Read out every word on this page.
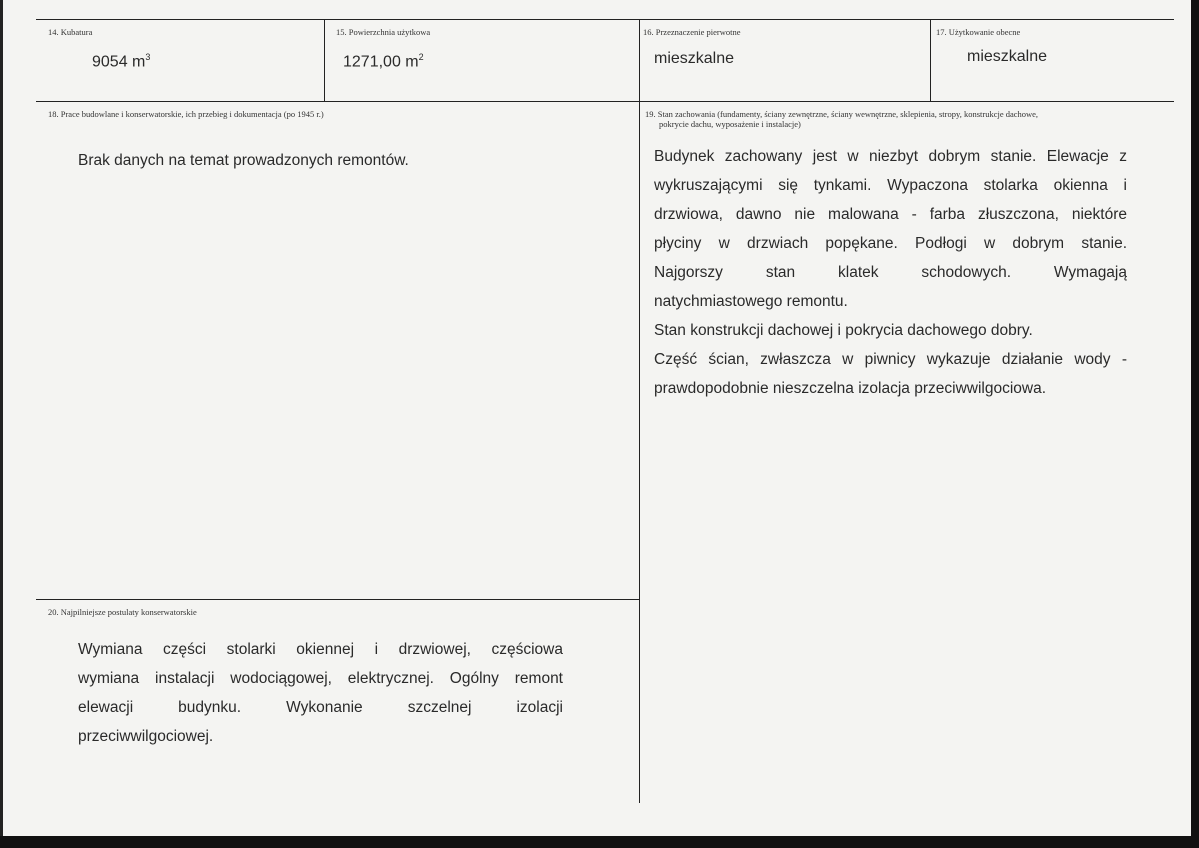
14. Kubatura
9054 $m^3$
15. Powierzchnia użytkowa
1271,00 $m^2$
16. Przeznaczenie pierwotne
mieszkalne
17. Użytkowanie obecne
mieszkalne
18. Prace budowlane i konserwatorskie, ich przebieg i dokumentacja (po 1945 r.)
Brak danych na temat prowadzonych remontów.
19. Stan zachowania (fundamenty, ściany zewnętrzne, ściany wewnętrzne, sklepienia, stropy, konstrukcje dachowe,
pokrycie dachu, wyposażenie i instalacje)
Budynek zachowany jest w niezbyt dobrym stanie. Elewacje z
wykruszającymi się tynkami. Wypaczona stolarka okienna i
drzwiowa, dawno nie malowana - farba złuszczona, niektóre
płyciny w drzwiach popękane. Podłogi w dobrym stanie.
Najgorszy stan klatek schodowych. Wymagają
natychmiastowego remontu.
Stan konstrukcji dachowej i pokrycia dachowego dobry.
Część ścian, zwłaszcza w piwnicy wykazuje działanie wody -
prawdopodobnie nieszczelna izolacja przeciwwilgociowa.
20. Najpilniejsze postulaty konserwatorskie
Wymiana części stolarki okiennej i drzwiowej, częściowa
wymiana instalacji wodociągowej, elektrycznej. Ogólny remont
elewacji budynku. Wykonanie szczelnej izolacji
przeciwwilgociowej.
